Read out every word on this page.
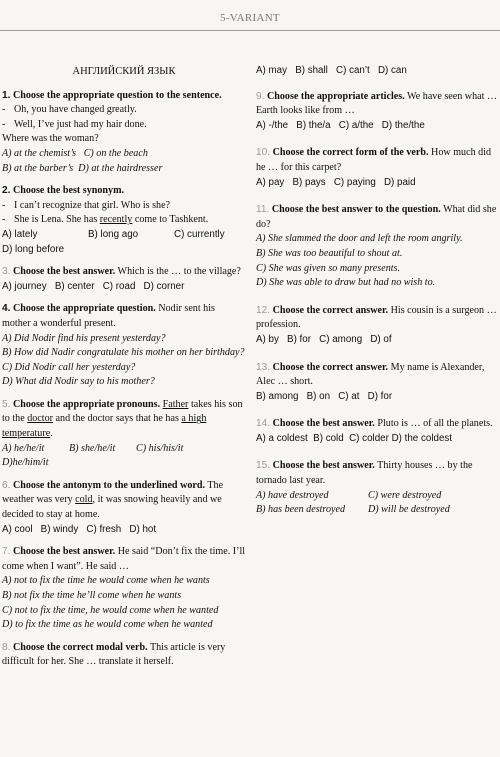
5-VARIANT
АНГЛИЙСКИЙ ЯЗЫК

1. Choose the appropriate question to the sentence.

- Oh, you have changed greatly.

- Well, I’ve just had my hair done.

Where was the woman?

A) at the chemist’s C) on the beach

B) at the barber’s D) at the hairdresser

2. Choose the best synonym.

- I can’t recognize that girl. Who is she?

- She is Lena. She has recently come to Tashkent.

A) lately	B) long ago	C) currently

D) long before

3. Choose the best answer. Which is the … to the village?

A) journey   B) center   C) road   D) corner

4. Choose the appropriate question. Nodir sent his mother a wonderful present.

A) Did Nodir find his present yesterday?

B) How did Nadir congratulate his mother on her birthday?

C) Did Nodir call her yesterday?

D) What did Nodir say to his mother?

5. Choose the appropriate pronouns. Father takes his son to the doctor and the doctor says that he has a high temperature.

A) he/he/it B) she/he/it C) his/his/it

D)he/him/it

6. Choose the antonym to the underlined word. The weather was very cold, it was snowing heavily and we decided to stay at home.

A) cool   B) windy   C) fresh   D) hot

7. Choose the best answer. He said “Don’t fix the time. I’ll come when I want”. He said …

A) not to fix the time he would come when he wants

B) not fix the time he’ll come when he wants

C) not to fix the time, he would come when he wanted

D) to fix the time as he would come when he wanted

8. Choose the correct modal verb. This article is very difficult for her. She … translate it herself.

A) may   B) shall   C) can’t   D) can

9. Choose the appropriate articles. We have seen what … Earth looks like from …

A) -/the   B) the/a   C) a/the   D) the/the

10. Choose the correct form of the verb. How much did he … for this carpet?

A) pay   B) pays   C) paying   D) paid

11. Choose the best answer to the question. What did she do?

A) She slammed the door and left the room angrily.

B) She was too beautiful to shout at.

C) She was given so many presents.

D) She was able to draw but had no wish to.

12. Choose the correct answer. His cousin is a surgeon … profession.

A) by   B) for   C) among   D) of

13. Choose the correct answer. My name is Alexander, Alec … short.

B) among   B) on   C) at   D) for

14. Choose the best answer. Pluto is … of all the planets.

A) a coldest  B) cold  C) colder D) the coldest

15. Choose the best answer. Thirty houses … by the tornado last year.

A) have destroyed	C) were destroyed

B) has been destroyed D) will be destroyed
